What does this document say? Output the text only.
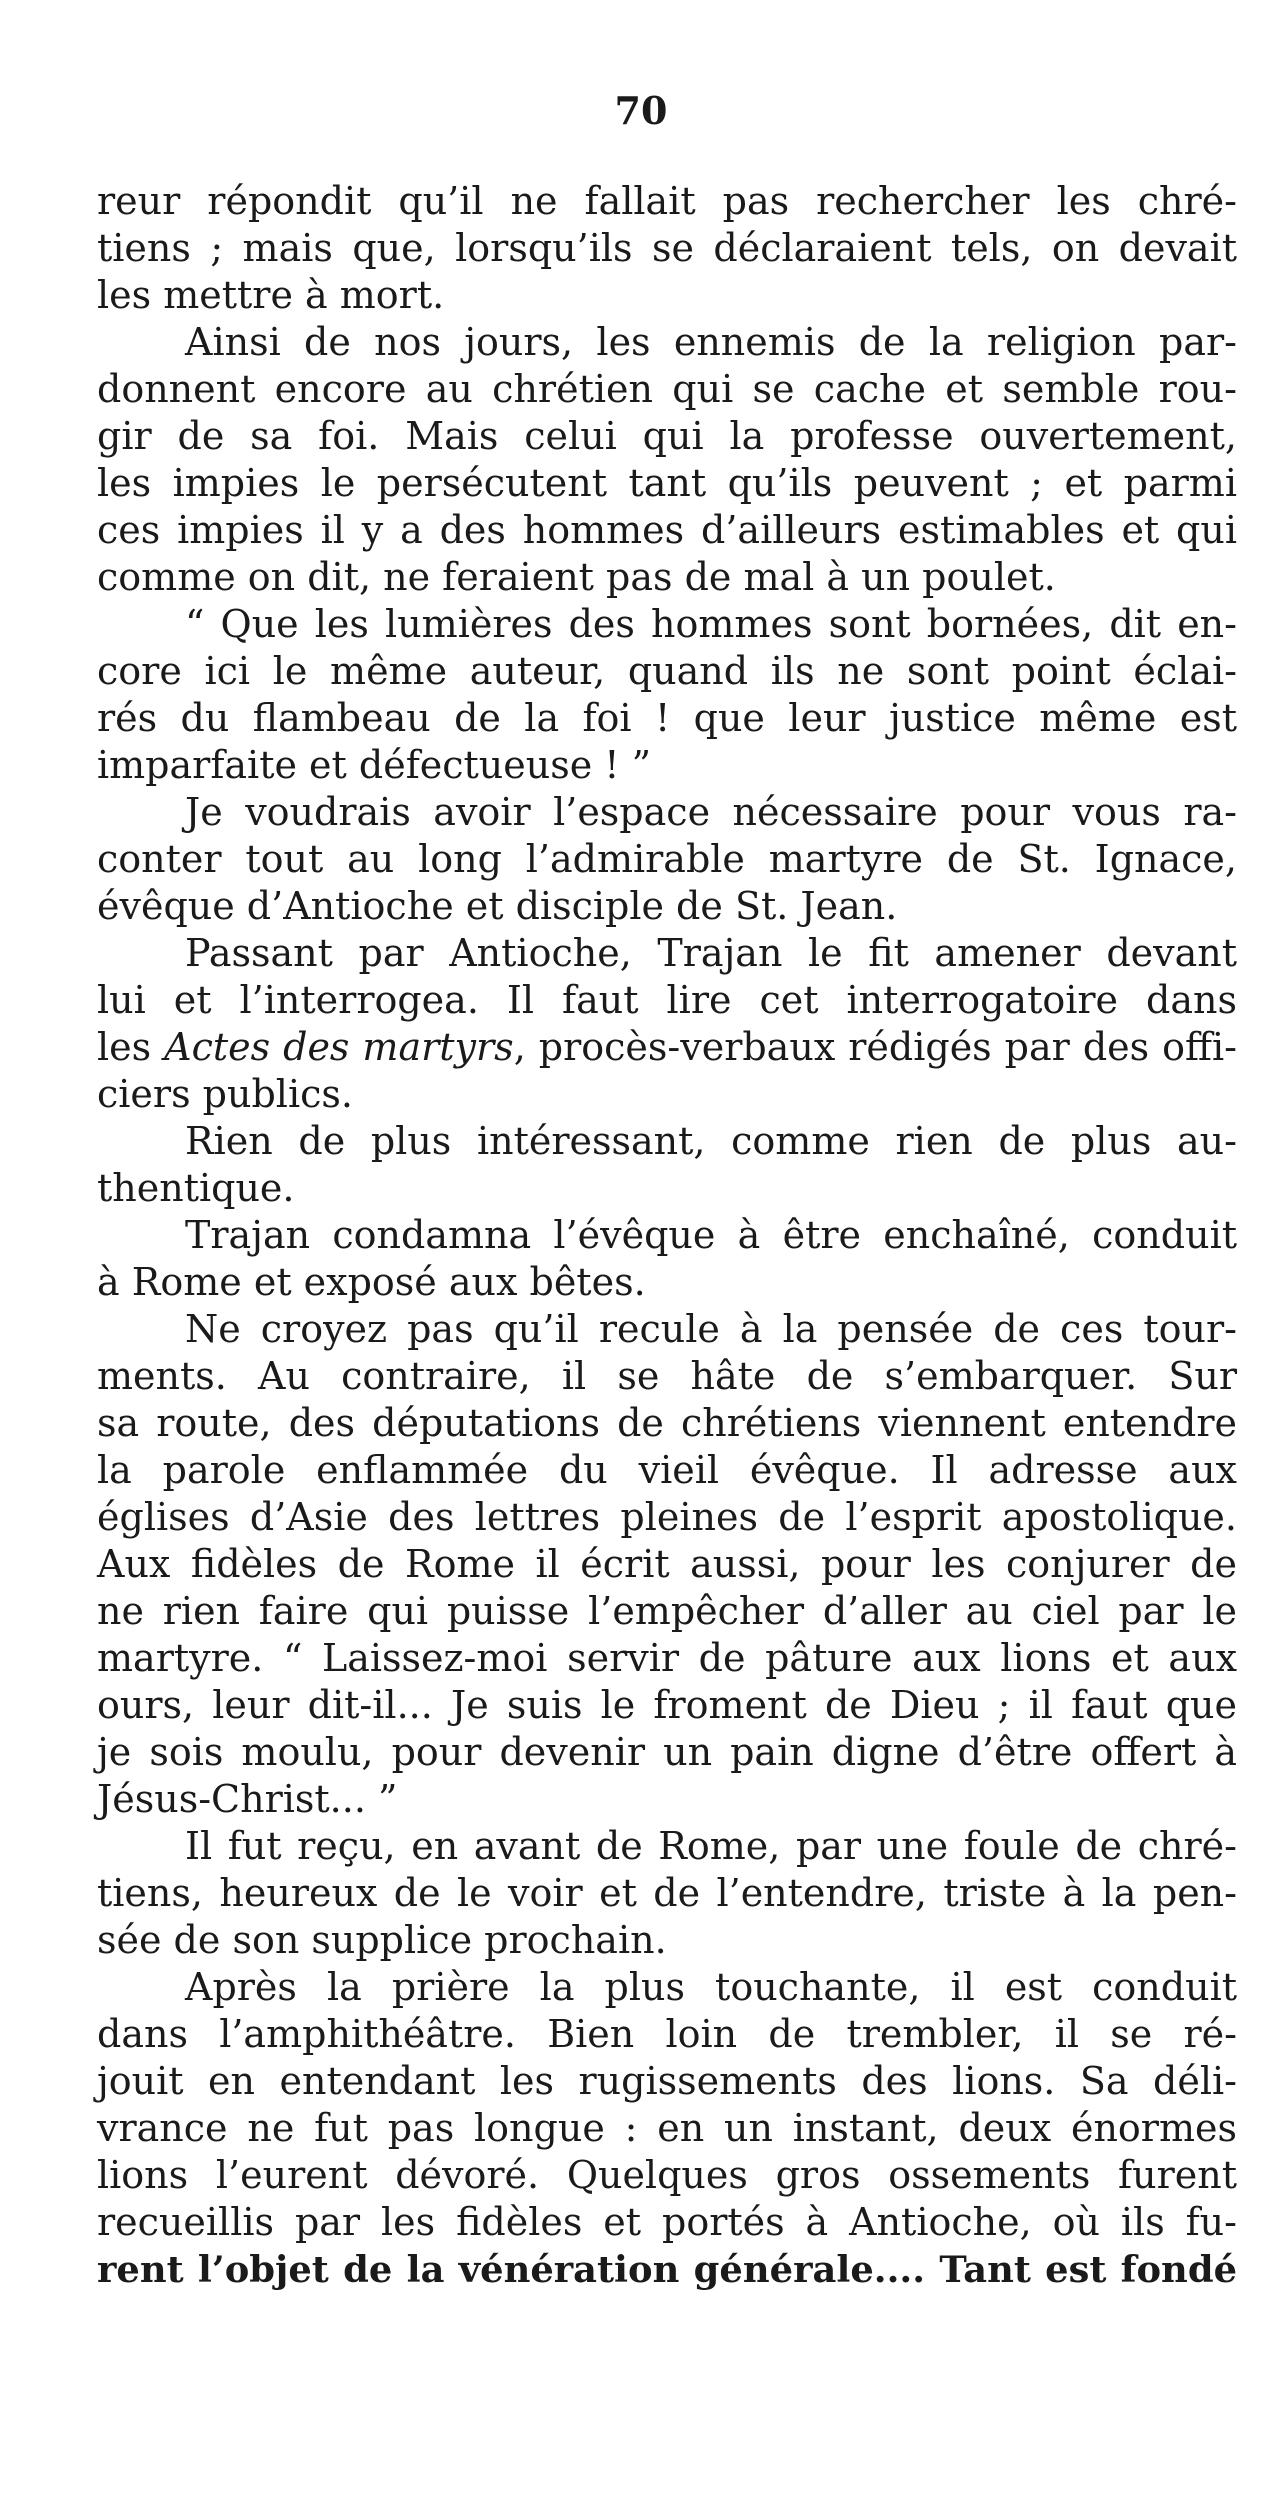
70
reur répondit qu’il ne fallait pas rechercher les chré-
tiens ; mais que, lorsqu’ils se déclaraient tels, on devait
les mettre à mort.
Ainsi de nos jours, les ennemis de la religion par-
donnent encore au chrétien qui se cache et semble rou-
gir de sa foi. Mais celui qui la professe ouvertement,
les impies le persécutent tant qu’ils peuvent ; et parmi
ces impies il y a des hommes d’ailleurs estimables et qui
comme on dit, ne feraient pas de mal à un poulet.
“ Que les lumières des hommes sont bornées, dit en-
core ici le même auteur, quand ils ne sont point éclai-
rés du flambeau de la foi ! que leur justice même est
imparfaite et défectueuse ! ”
Je voudrais avoir l’espace nécessaire pour vous ra-
conter tout au long l’admirable martyre de St. Ignace,
évêque d’Antioche et disciple de St. Jean.
Passant par Antioche, Trajan le fit amener devant
lui et l’interrogea. Il faut lire cet interrogatoire dans
les Actes des martyrs, procès-verbaux rédigés par des offi-
ciers publics.
Rien de plus intéressant, comme rien de plus au-
thentique.
Trajan condamna l’évêque à être enchaîné, conduit
à Rome et exposé aux bêtes.
Ne croyez pas qu’il recule à la pensée de ces tour-
ments. Au contraire, il se hâte de s’embarquer. Sur
sa route, des députations de chrétiens viennent entendre
la parole enflammée du vieil évêque. Il adresse aux
églises d’Asie des lettres pleines de l’esprit apostolique.
Aux fidèles de Rome il écrit aussi, pour les conjurer de
ne rien faire qui puisse l’empêcher d’aller au ciel par le
martyre. “ Laissez-moi servir de pâture aux lions et aux
ours, leur dit-il... Je suis le froment de Dieu ; il faut que
je sois moulu, pour devenir un pain digne d’être offert à
Jésus-Christ... ”
Il fut reçu, en avant de Rome, par une foule de chré-
tiens, heureux de le voir et de l’entendre, triste à la pen-
sée de son supplice prochain.
Après la prière la plus touchante, il est conduit
dans l’amphithéâtre. Bien loin de trembler, il se ré-
jouit en entendant les rugissements des lions. Sa déli-
vrance ne fut pas longue : en un instant, deux énormes
lions l’eurent dévoré. Quelques gros ossements furent
recueillis par les fidèles et portés à Antioche, où ils fu-
rent l’objet de la vénération générale.... Tant est fondé
